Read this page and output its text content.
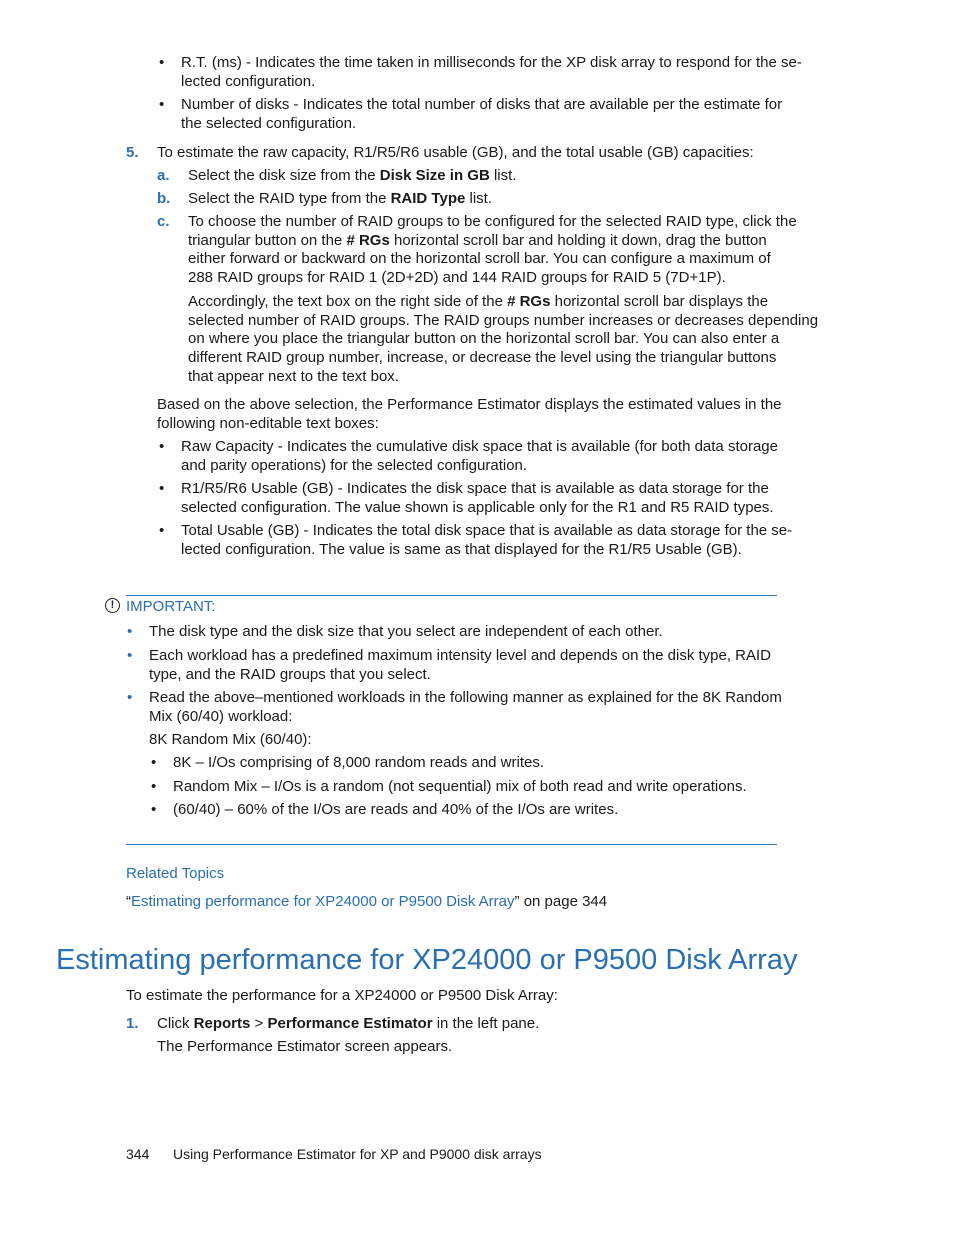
•	R.T. (ms) - Indicates the time taken in milliseconds for the XP disk array to respond for the se-
lected configuration.
•	Number of disks - Indicates the total number of disks that are available per the estimate for
the selected configuration.
5. To estimate the raw capacity, R1/R5/R6 usable (GB), and the total usable (GB) capacities:
a. Select the disk size from the Disk Size in GB list.
b. Select the RAID type from the RAID Type list.
c. To choose the number of RAID groups to be configured for the selected RAID type, click the
triangular button on the # RGs horizontal scroll bar and holding it down, drag the button
either forward or backward on the horizontal scroll bar. You can configure a maximum of
288 RAID groups for RAID 1 (2D+2D) and 144 RAID groups for RAID 5 (7D+1P).
Accordingly, the text box on the right side of the # RGs horizontal scroll bar displays the
selected number of RAID groups. The RAID groups number increases or decreases depending
on where you place the triangular button on the horizontal scroll bar. You can also enter a
different RAID group number, increase, or decrease the level using the triangular buttons
that appear next to the text box.
Based on the above selection, the Performance Estimator displays the estimated values in the
following non-editable text boxes:
•	Raw Capacity - Indicates the cumulative disk space that is available (for both data storage
and parity operations) for the selected configuration.
•	R1/R5/R6 Usable (GB) - Indicates the disk space that is available as data storage for the
selected configuration. The value shown is applicable only for the R1 and R5 RAID types.
•	Total Usable (GB) - Indicates the total disk space that is available as data storage for the se-
lected configuration. The value is same as that displayed for the R1/R5 Usable (GB).
! IMPORTANT:
•	The disk type and the disk size that you select are independent of each other.
•	Each workload has a predefined maximum intensity level and depends on the disk type, RAID
type, and the RAID groups that you select.
•	Read the above–mentioned workloads in the following manner as explained for the 8K Random
Mix (60/40) workload:
8K Random Mix (60/40):
•	8K – I/Os comprising of 8,000 random reads and writes.
•	Random Mix – I/Os is a random (not sequential) mix of both read and write operations.
•	(60/40) – 60% of the I/Os are reads and 40% of the I/Os are writes.
Related Topics
“Estimating performance for XP24000 or P9500 Disk Array” on page 344
Estimating performance for XP24000 or P9500 Disk Array
To estimate the performance for a XP24000 or P9500 Disk Array:
1. Click Reports > Performance Estimator in the left pane.
The Performance Estimator screen appears.
344 Using Performance Estimator for XP and P9000 disk arrays
